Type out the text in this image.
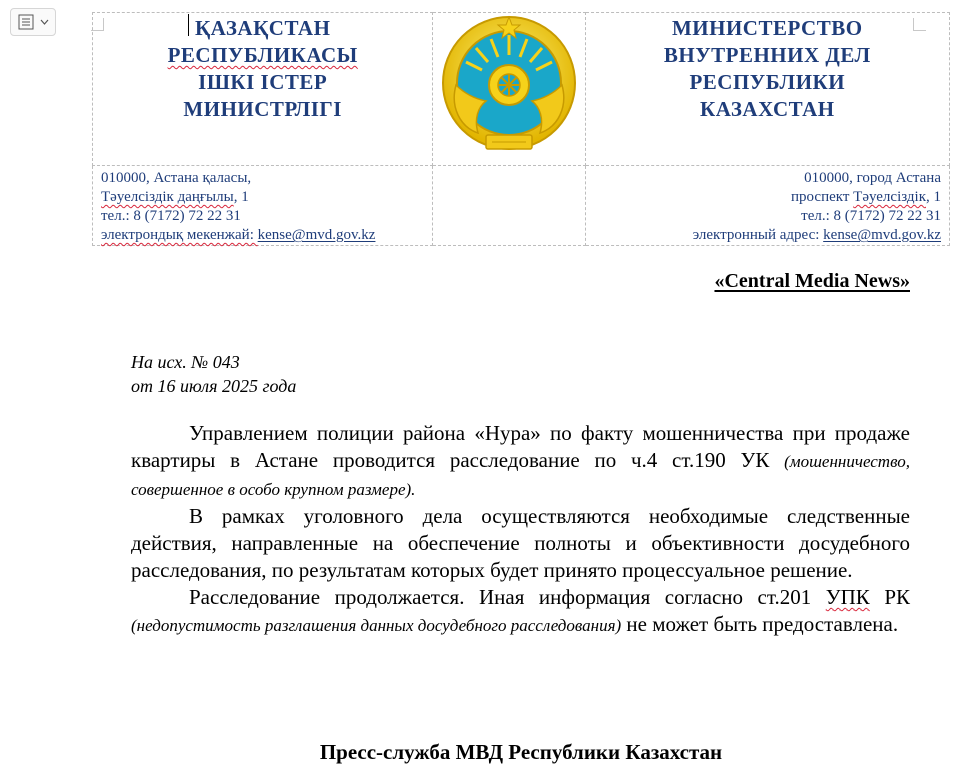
ҚАЗАҚСТАН
РЕСПУБЛИКАСЫ
ІШКІ ІСТЕР
МИНИСТРЛІГІ		МИНИСТЕРСТВО
ВНУТРЕННИХ ДЕЛ
РЕСПУБЛИКИ
КАЗАХСТАН

010000, Астана қаласы,
Тәуелсіздік даңғылы, 1
тел.: 8 (7172) 72 22 31
электрондық мекенжай: kense@mvd.gov.kz		010000, город Астана
проспект Тәуелсіздік, 1
тел.: 8 (7172) 72 22 31
электронный адрес: kense@mvd.gov.kz
«Central Media News»
На исх. № 043
от 16 июля 2025 года

Управлением полиции района «Нура» по факту мошенничества при продаже квартиры в Астане проводится расследование по ч.4 ст.190 УК (мошенничество, совершенное в особо крупном размере).

В рамках уголовного дела осуществляются необходимые следственные действия, направленные на обеспечение полноты и объективности досудебного расследования, по результатам которых будет принято процессуальное решение.

Расследование продолжается. Иная информация согласно ст.201 УПК РК (недопустимость разглашения данных досудебного расследования) не может быть предоставлена.

Пресс-служба МВД Республики Казахстан
